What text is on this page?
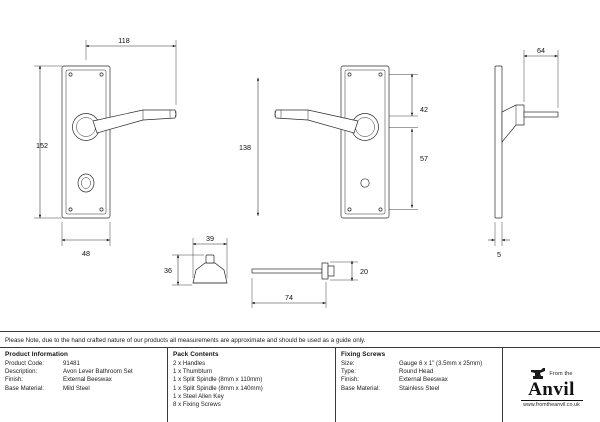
118
152
48
138
42
57
64
5
39
36	20
74
Please Note, due to the hand crafted nature of our products all measurements are approximate and should be used as a guide only.
Product Information
Product Code:	91481
Description:	Avon Lever Bathroom Set
Finish:	External Beeswax
Base Material:	Mild Steel
Pack Contents
2 x Handles
1 x Thumbturn
1 x Split Spindle (8mm x 110mm)
1 x Split Spindle (8mm x 140mm)
1 x Steel Allen Key
8 x Fixing Screws
Fixing Screws
Size:	Gauge 6 x 1" (3.5mm x 25mm)
Type:	Round Head
Finish:	External Beeswax
Base Material:	Stainless Steel
From the
Anvil
www.fromtheanvil.co.uk
